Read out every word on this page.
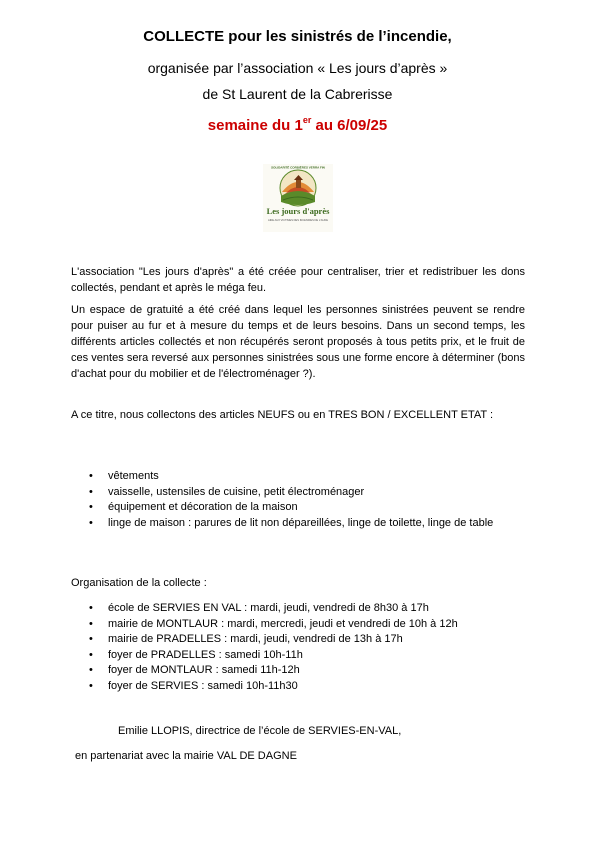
COLLECTE pour les sinistrés de l’incendie,
organisée par l’association « Les jours d’après »
de St Laurent de la Cabrerisse
semaine du 1er au 6/09/25
Les jours d'après
AIDE AUX VICTIMES DES INCENDIES DE L'AUDE
SOLIDARITÉ CORBIÈRES VERRA FIN

L'association "Les jours d'après" a été créée pour centraliser, trier et redistribuer les dons collectés, pendant et après le méga feu.

Un espace de gratuité a été créé dans lequel les personnes sinistrées peuvent se rendre pour puiser au fur et à mesure du temps et de leurs besoins. Dans un second temps, les différents articles collectés et non récupérés seront proposés à tous petits prix, et le fruit de ces ventes sera reversé aux personnes sinistrées sous une forme encore à déterminer (bons d'achat pour du mobilier et de l'électroménager ?).

A ce titre, nous collectons des articles NEUFS ou en TRES BON / EXCELLENT ETAT :

• vêtements
• vaisselle, ustensiles de cuisine, petit électroménager
• équipement et décoration de la maison
• linge de maison : parures de lit non dépareillées, linge de toilette, linge de table

Organisation de la collecte :

• école de SERVIES EN VAL : mardi, jeudi, vendredi de 8h30 à 17h
• mairie de MONTLAUR : mardi, mercredi, jeudi et vendredi de 10h à 12h
• mairie de PRADELLES : mardi, jeudi, vendredi de 13h à 17h
• foyer de PRADELLES : samedi 10h-11h
• foyer de MONTLAUR : samedi 11h-12h
• foyer de SERVIES : samedi 10h-11h30

Emilie LLOPIS, directrice de l’école de SERVIES-EN-VAL,

en partenariat avec la mairie VAL DE DAGNE
